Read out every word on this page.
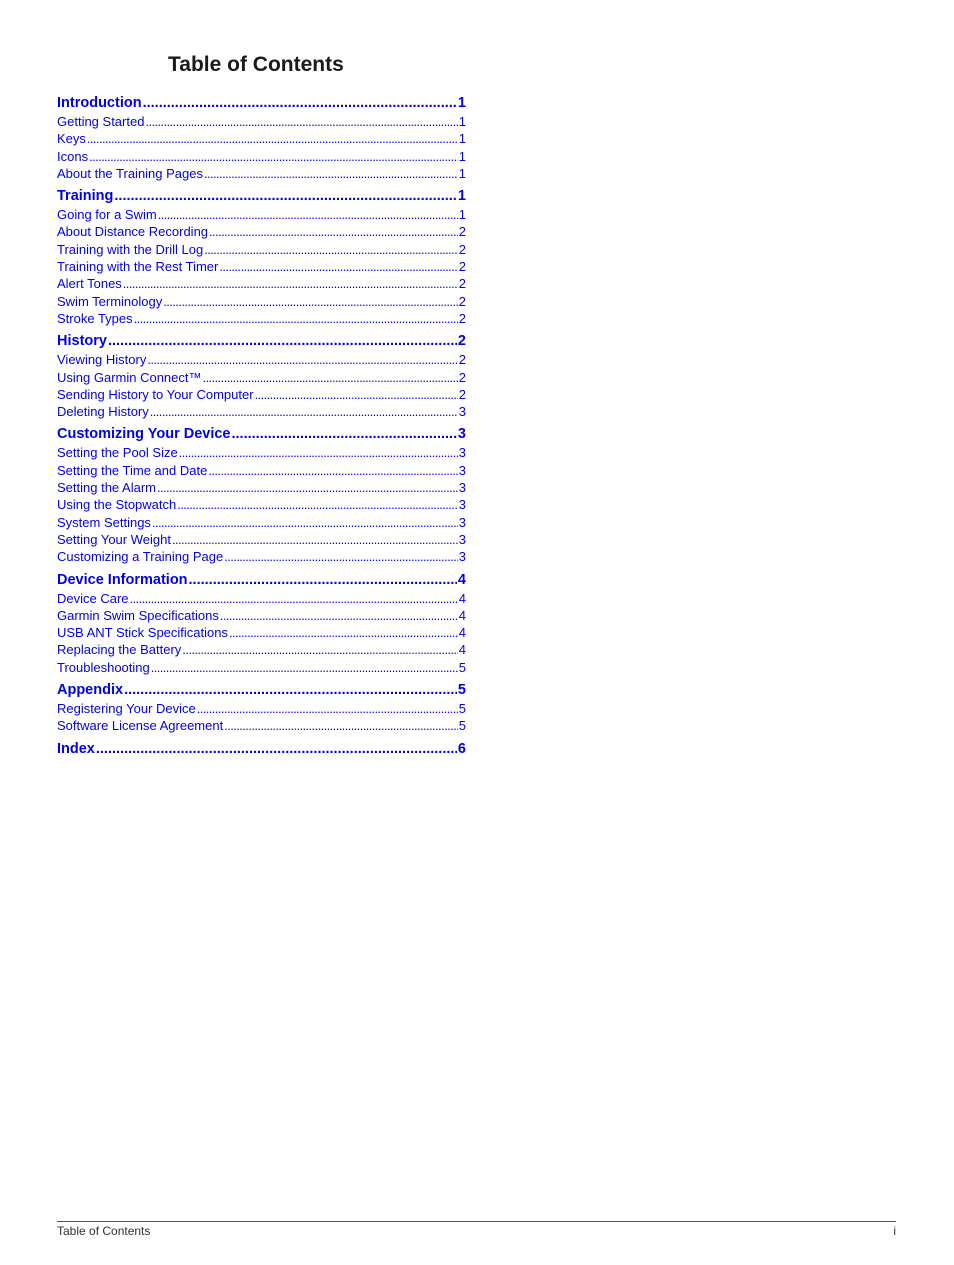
Table of Contents
Introduction .....	1
Getting Started .....	1
Keys .....	1
Icons .....	1
About the Training Pages .....	1
Training .....	1
Going for a Swim .....	1
About Distance Recording .....	2
Training with the Drill Log .....	2
Training with the Rest Timer .....	2
Alert Tones .....	2
Swim Terminology .....	2
Stroke Types .....	2
History .....	2
Viewing History .....	2
Using Garmin Connect™ .....	2
Sending History to Your Computer .....	2
Deleting History .....	3
Customizing Your Device .....	3
Setting the Pool Size .....	3
Setting the Time and Date .....	3
Setting the Alarm .....	3
Using the Stopwatch .....	3
System Settings .....	3
Setting Your Weight .....	3
Customizing a Training Page .....	3
Device Information .....	4
Device Care .....	4
Garmin Swim Specifications .....	4
USB ANT Stick Specifications .....	4
Replacing the Battery .....	4
Troubleshooting .....	5
Appendix .....	5
Registering Your Device .....	5
Software License Agreement .....	5
Index .....	6
Table of Contents	i
